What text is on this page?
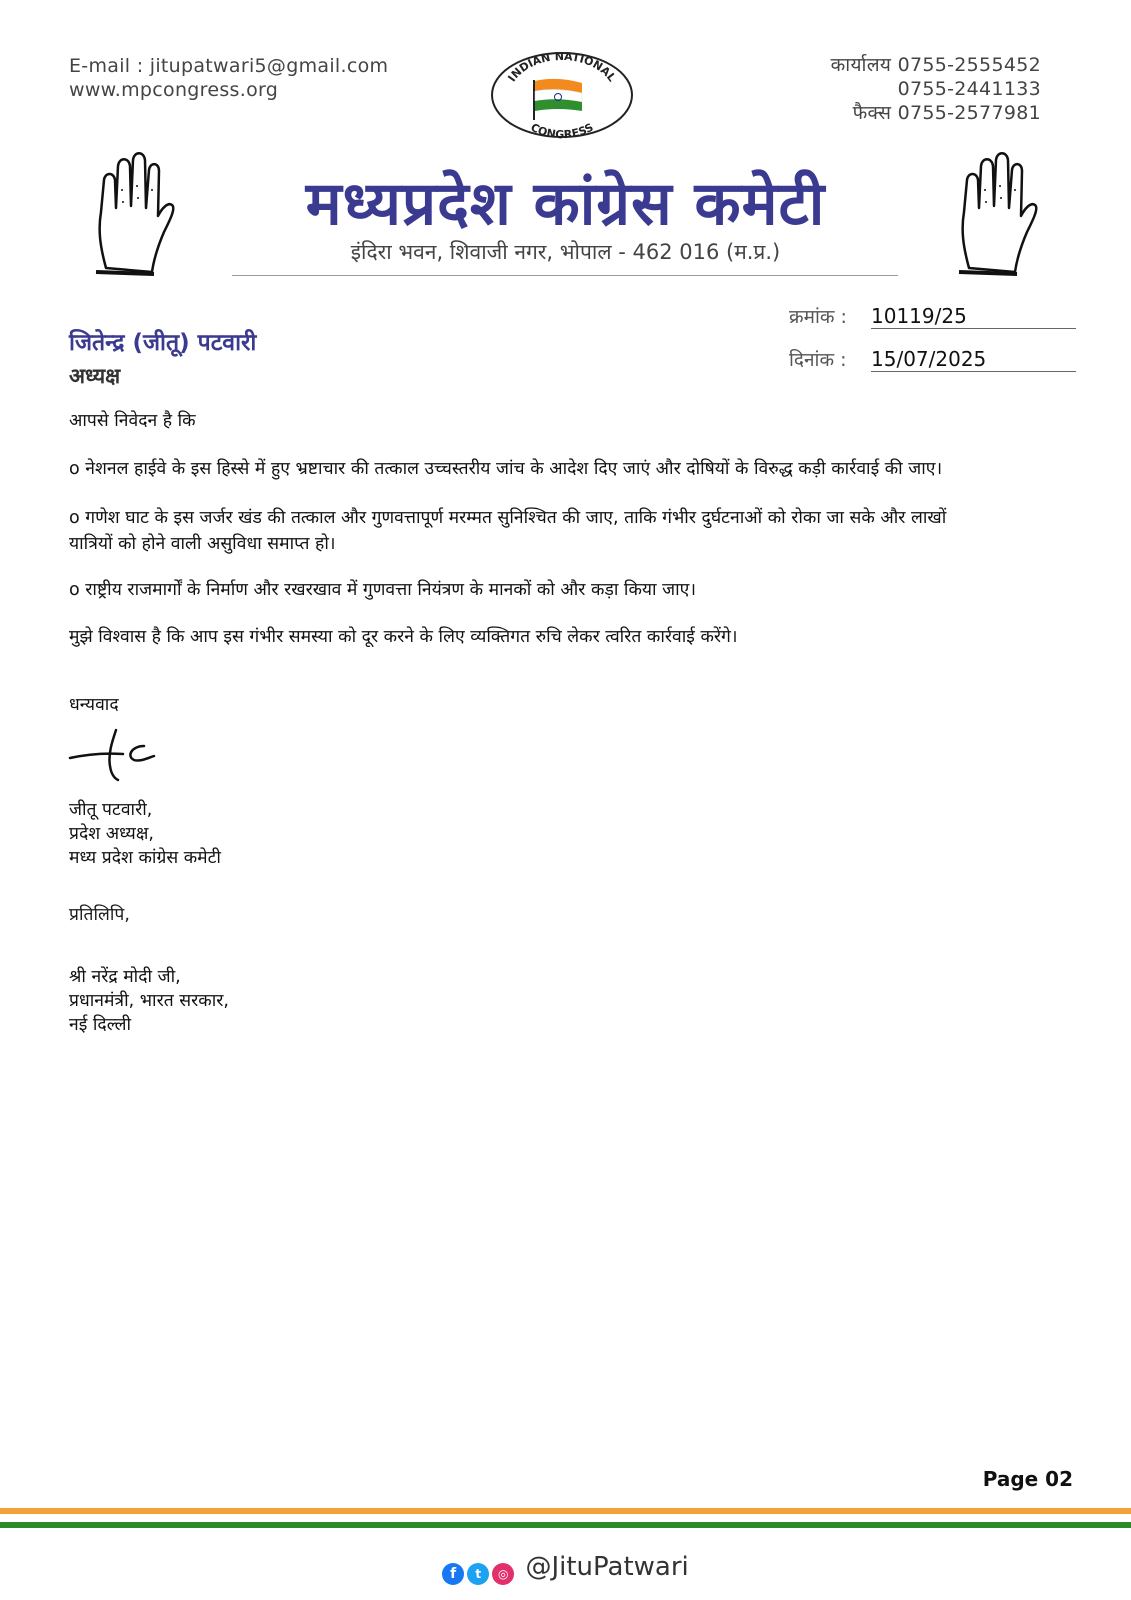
E-mail : jitupatwari5@gmail.com
www.mpcongress.org
कार्यालय 0755-2555452
0755-2441133
फैक्स 0755-2577981
INDIAN NATIONAL
CONGRESS
मध्यप्रदेश कांग्रेस कमेटी
इंदिरा भवन, शिवाजी नगर, भोपाल - 462 016 (म.प्र.)
क्रमांक : 10119/25
दिनांक : 15/07/2025
जितेन्द्र (जीतू) पटवारी
अध्यक्ष

आपसे निवेदन है कि

o नेशनल हाईवे के इस हिस्से में हुए भ्रष्टाचार की तत्काल उच्चस्तरीय जांच के आदेश दिए जाएं और दोषियों के विरुद्ध कड़ी कार्रवाई की जाए।

o गणेश घाट के इस जर्जर खंड की तत्काल और गुणवत्तापूर्ण मरम्मत सुनिश्चित की जाए, ताकि गंभीर दुर्घटनाओं को रोका जा सके और लाखों

यात्रियों को होने वाली असुविधा समाप्त हो।

o राष्ट्रीय राजमार्गों के निर्माण और रखरखाव में गुणवत्ता नियंत्रण के मानकों को और कड़ा किया जाए।

मुझे विश्वास है कि आप इस गंभीर समस्या को दूर करने के लिए व्यक्तिगत रुचि लेकर त्वरित कार्रवाई करेंगे।

धन्यवाद

जीतू पटवारी,
प्रदेश अध्यक्ष,
मध्य प्रदेश कांग्रेस कमेटी
प्रतिलिपि,
श्री नरेंद्र मोदी जी,
प्रधानमंत्री, भारत सरकार,
नई दिल्ली
Page 02
f t ◎ @JituPatwari
